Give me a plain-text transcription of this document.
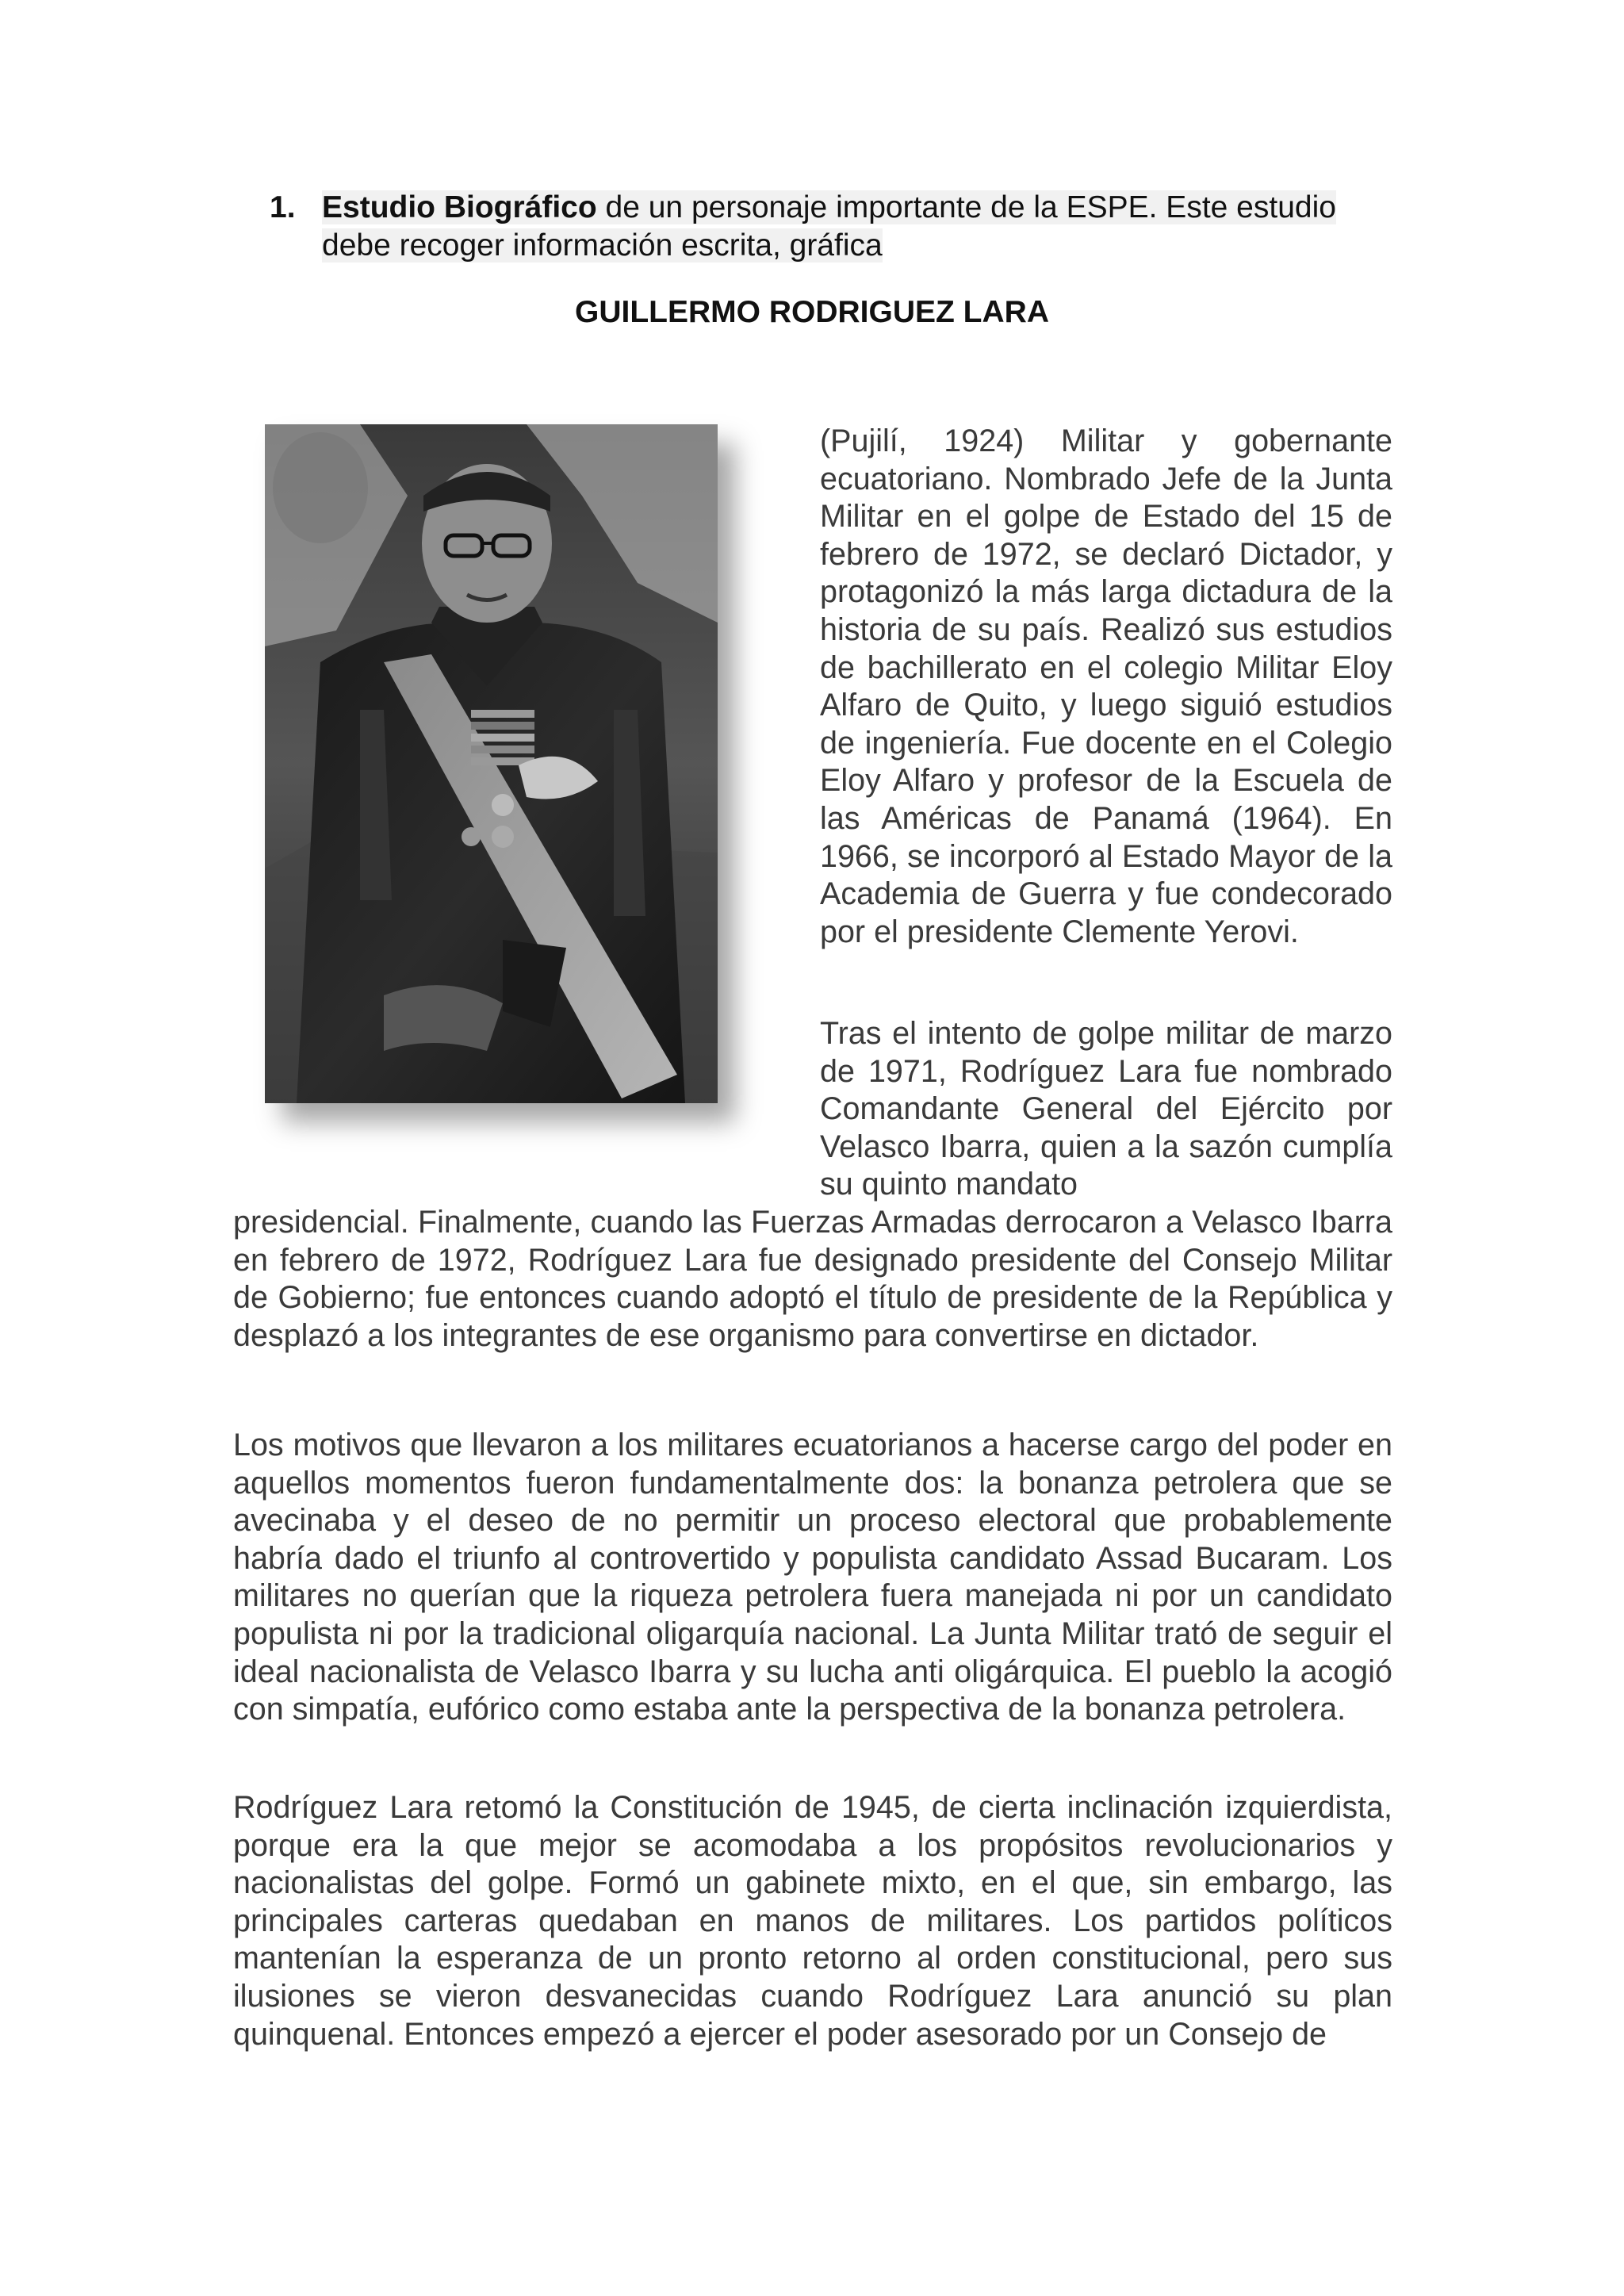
1. Estudio Biográfico de un personaje importante de la ESPE. Este estudio
debe recoger información escrita, gráfica
GUILLERMO RODRIGUEZ LARA
(Pujilí, 1924) Militar y gobernante ecuatoriano. Nombrado Jefe de la Junta Militar en el golpe de Estado del 15 de febrero de 1972, se declaró Dictador, y protagonizó la más larga dictadura de la historia de su país. Realizó sus estudios de bachillerato en el colegio Militar Eloy Alfaro de Quito, y luego siguió estudios de ingeniería. Fue docente en el Colegio Eloy Alfaro y profesor de la Escuela de las Américas de Panamá (1964). En 1966, se incorporó al Estado Mayor de la Academia de Guerra y fue condecorado por el presidente Clemente Yerovi.
Tras el intento de golpe militar de marzo de 1971, Rodríguez Lara fue nombrado Comandante General del Ejército por Velasco Ibarra, quien a la sazón cumplía su quinto mandato
presidencial. Finalmente, cuando las Fuerzas Armadas derrocaron a Velasco Ibarra en febrero de 1972, Rodríguez Lara fue designado presidente del Consejo Militar de Gobierno; fue entonces cuando adoptó el título de presidente de la República y desplazó a los integrantes de ese organismo para convertirse en dictador.
Los motivos que llevaron a los militares ecuatorianos a hacerse cargo del poder en aquellos momentos fueron fundamentalmente dos: la bonanza petrolera que se avecinaba y el deseo de no permitir un proceso electoral que probablemente habría dado el triunfo al controvertido y populista candidato Assad Bucaram. Los militares no querían que la riqueza petrolera fuera manejada ni por un candidato populista ni por la tradicional oligarquía nacional. La Junta Militar trató de seguir el ideal nacionalista de Velasco Ibarra y su lucha anti oligárquica. El pueblo la acogió con simpatía, eufórico como estaba ante la perspectiva de la bonanza petrolera.
Rodríguez Lara retomó la Constitución de 1945, de cierta inclinación izquierdista, porque era la que mejor se acomodaba a los propósitos revolucionarios y nacionalistas del golpe. Formó un gabinete mixto, en el que, sin embargo, las principales carteras quedaban en manos de militares. Los partidos políticos mantenían la esperanza de un pronto retorno al orden constitucional, pero sus ilusiones se vieron desvanecidas cuando Rodríguez Lara anunció su plan quinquenal. Entonces empezó a ejercer el poder asesorado por un Consejo de
